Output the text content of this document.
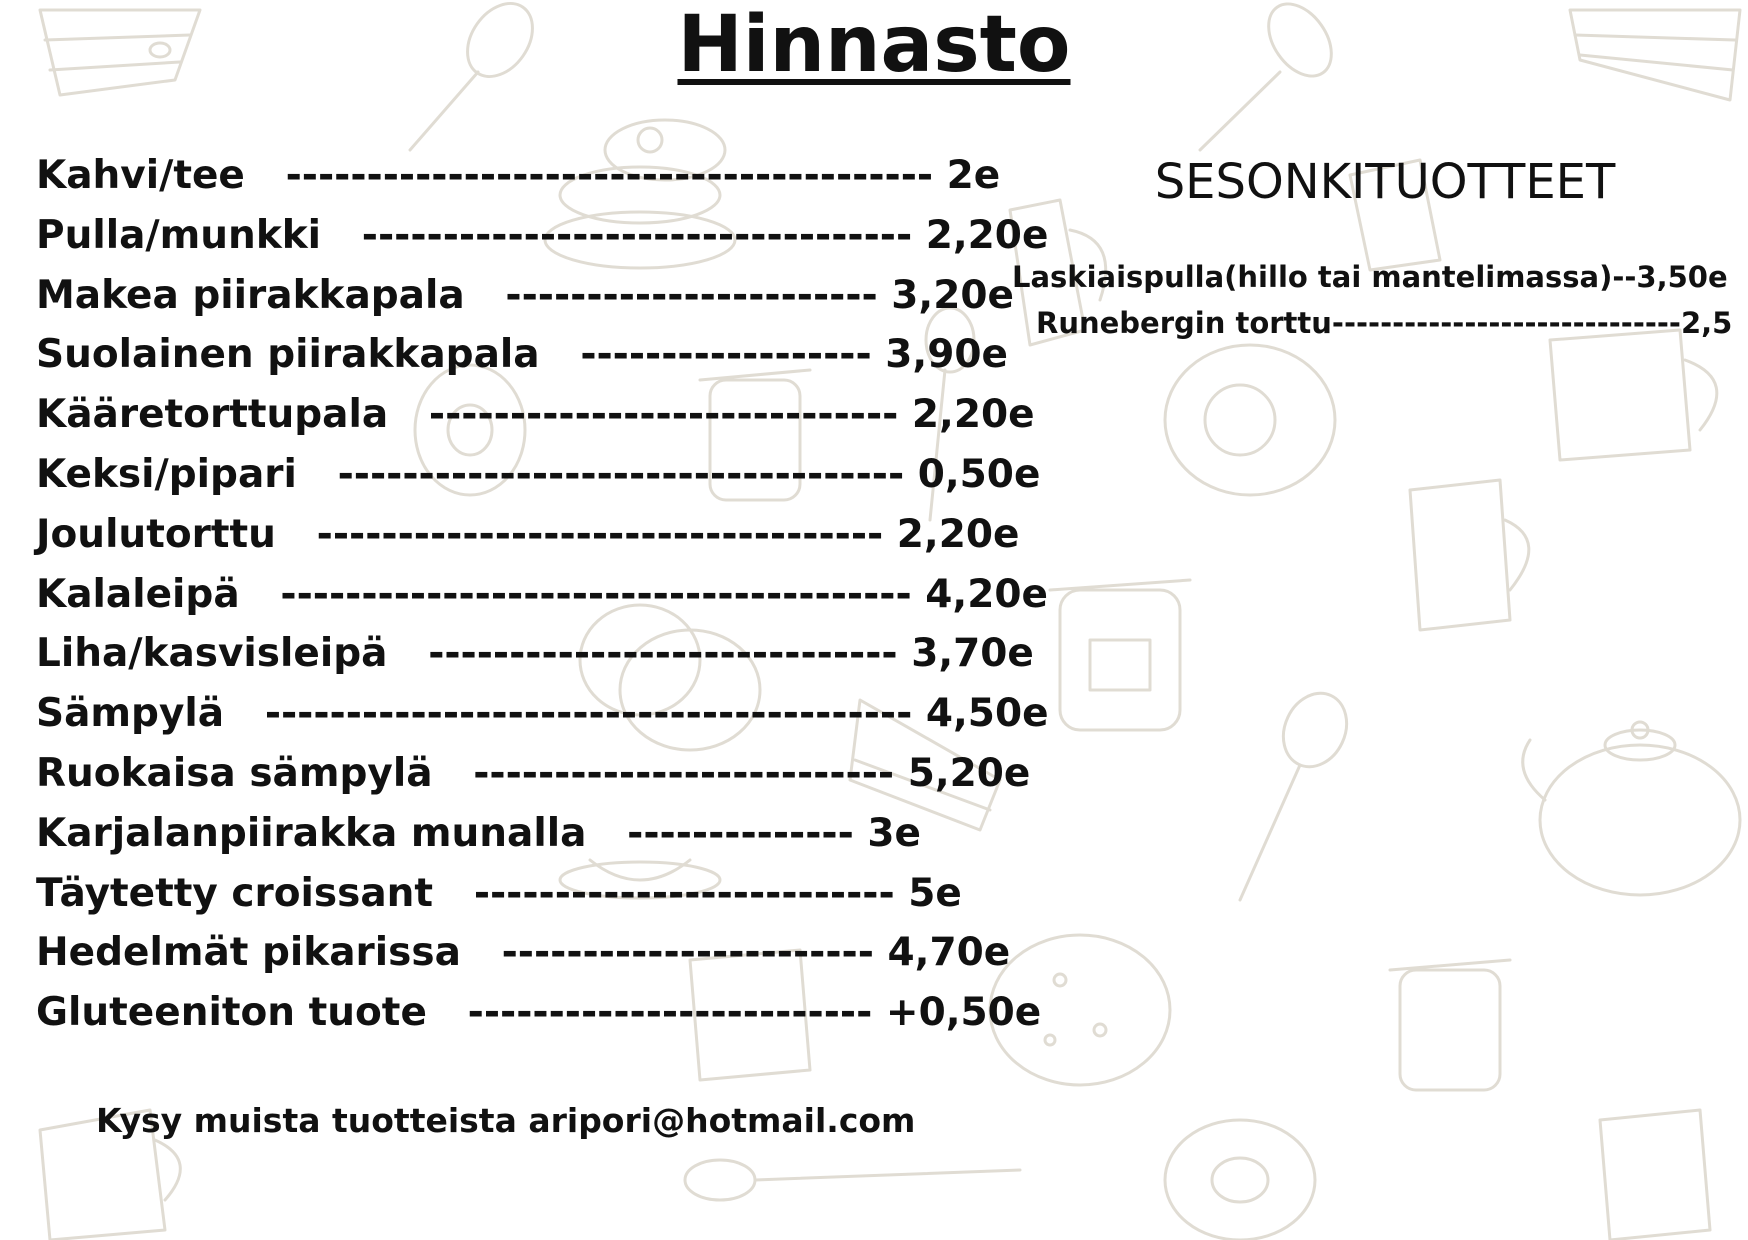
Hinnasto
Kahvi/tee ---------------------------------------- 2e
Pulla/munkki ---------------------------------- 2,20e
Makea piirakkapala ----------------------- 3,20e
Suolainen piirakkapala ------------------ 3,90e
Kääretorttupala ----------------------------- 2,20e
Keksi/pipari ----------------------------------- 0,50e
Joulutorttu ----------------------------------- 2,20e
Kalaleipä --------------------------------------- 4,20e
Liha/kasvisleipä ----------------------------- 3,70e
Sämpylä ---------------------------------------- 4,50e
Ruokaisa sämpylä -------------------------- 5,20e
Karjalanpiirakka munalla -------------- 3e
Täytetty croissant -------------------------- 5e
Hedelmät pikarissa ----------------------- 4,70e
Gluteeniton tuote ------------------------- +0,50e
SESONKITUOTTEET
Laskiaispulla(hillo tai mantelimassa)--3,50e
Runebergin torttu-----------------------------2,5
Kysy muista tuotteista aripori@hotmail.com
